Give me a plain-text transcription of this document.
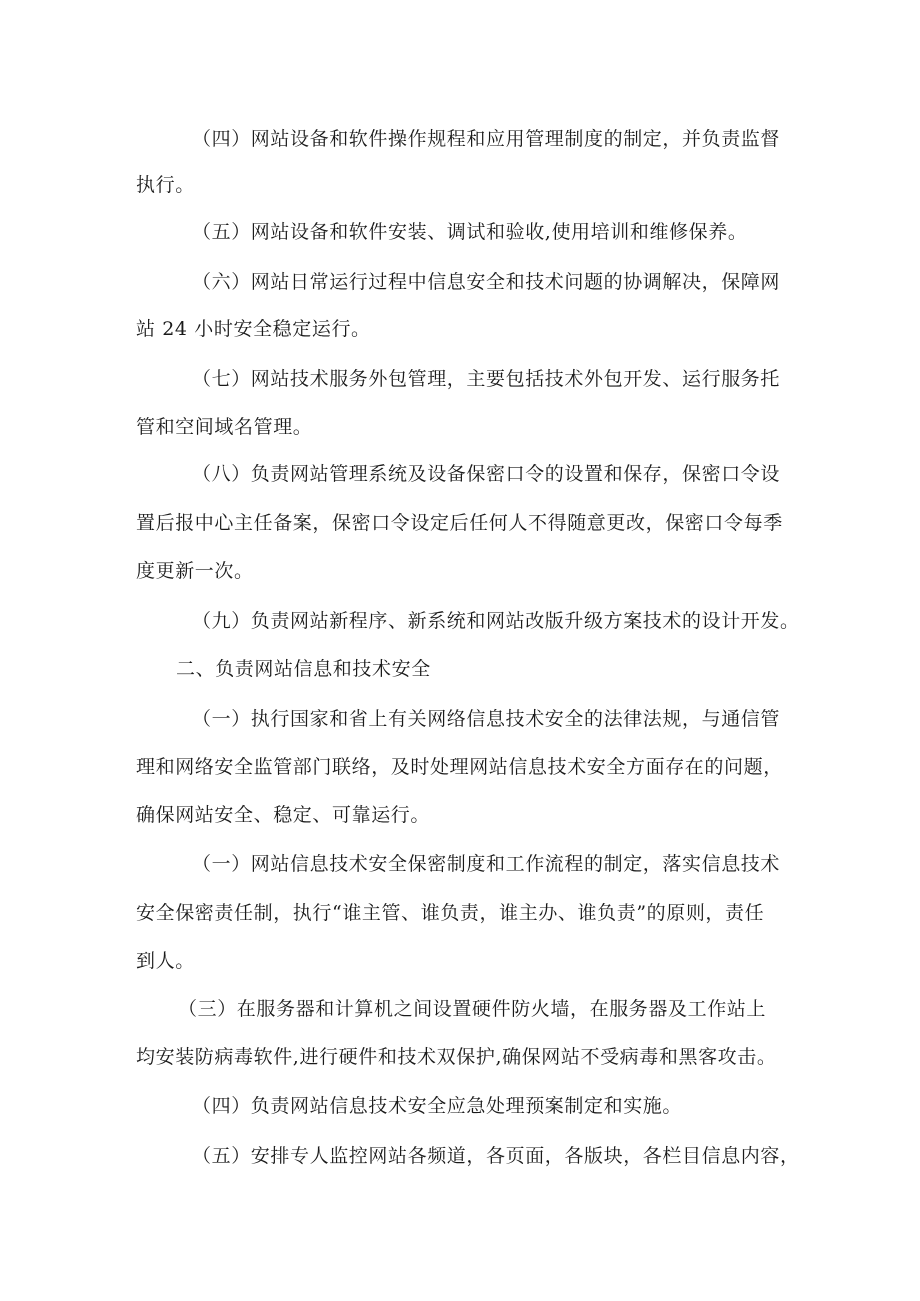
（四）网站设备和软件操作规程和应用管理制度的制定，并负责监督
执行。
（五）网站设备和软件安装、调试和验收,使用培训和维修保养。
（六）网站日常运行过程中信息安全和技术问题的协调解决，保障网
站 24 小时安全稳定运行。
（七）网站技术服务外包管理，主要包括技术外包开发、运行服务托
管和空间域名管理。
（八）负责网站管理系统及设备保密口令的设置和保存，保密口令设
置后报中心主任备案，保密口令设定后任何人不得随意更改，保密口令每季
度更新一次。
（九）负责网站新程序、新系统和网站改版升级方案技术的设计开发。
二、负责网站信息和技术安全
（一）执行国家和省上有关网络信息技术安全的法律法规，与通信管
理和网络安全监管部门联络，及时处理网站信息技术安全方面存在的问题，
确保网站安全、稳定、可靠运行。
（一）网站信息技术安全保密制度和工作流程的制定，落实信息技术
安全保密责任制，执行“谁主管、谁负责，谁主办、谁负责”的原则，责任
到人。
（三）在服务器和计算机之间设置硬件防火墙，在服务器及工作站上
均安装防病毒软件,进行硬件和技术双保护,确保网站不受病毒和黑客攻击。
（四）负责网站信息技术安全应急处理预案制定和实施。
（五）安排专人监控网站各频道，各页面，各版块，各栏目信息内容，
